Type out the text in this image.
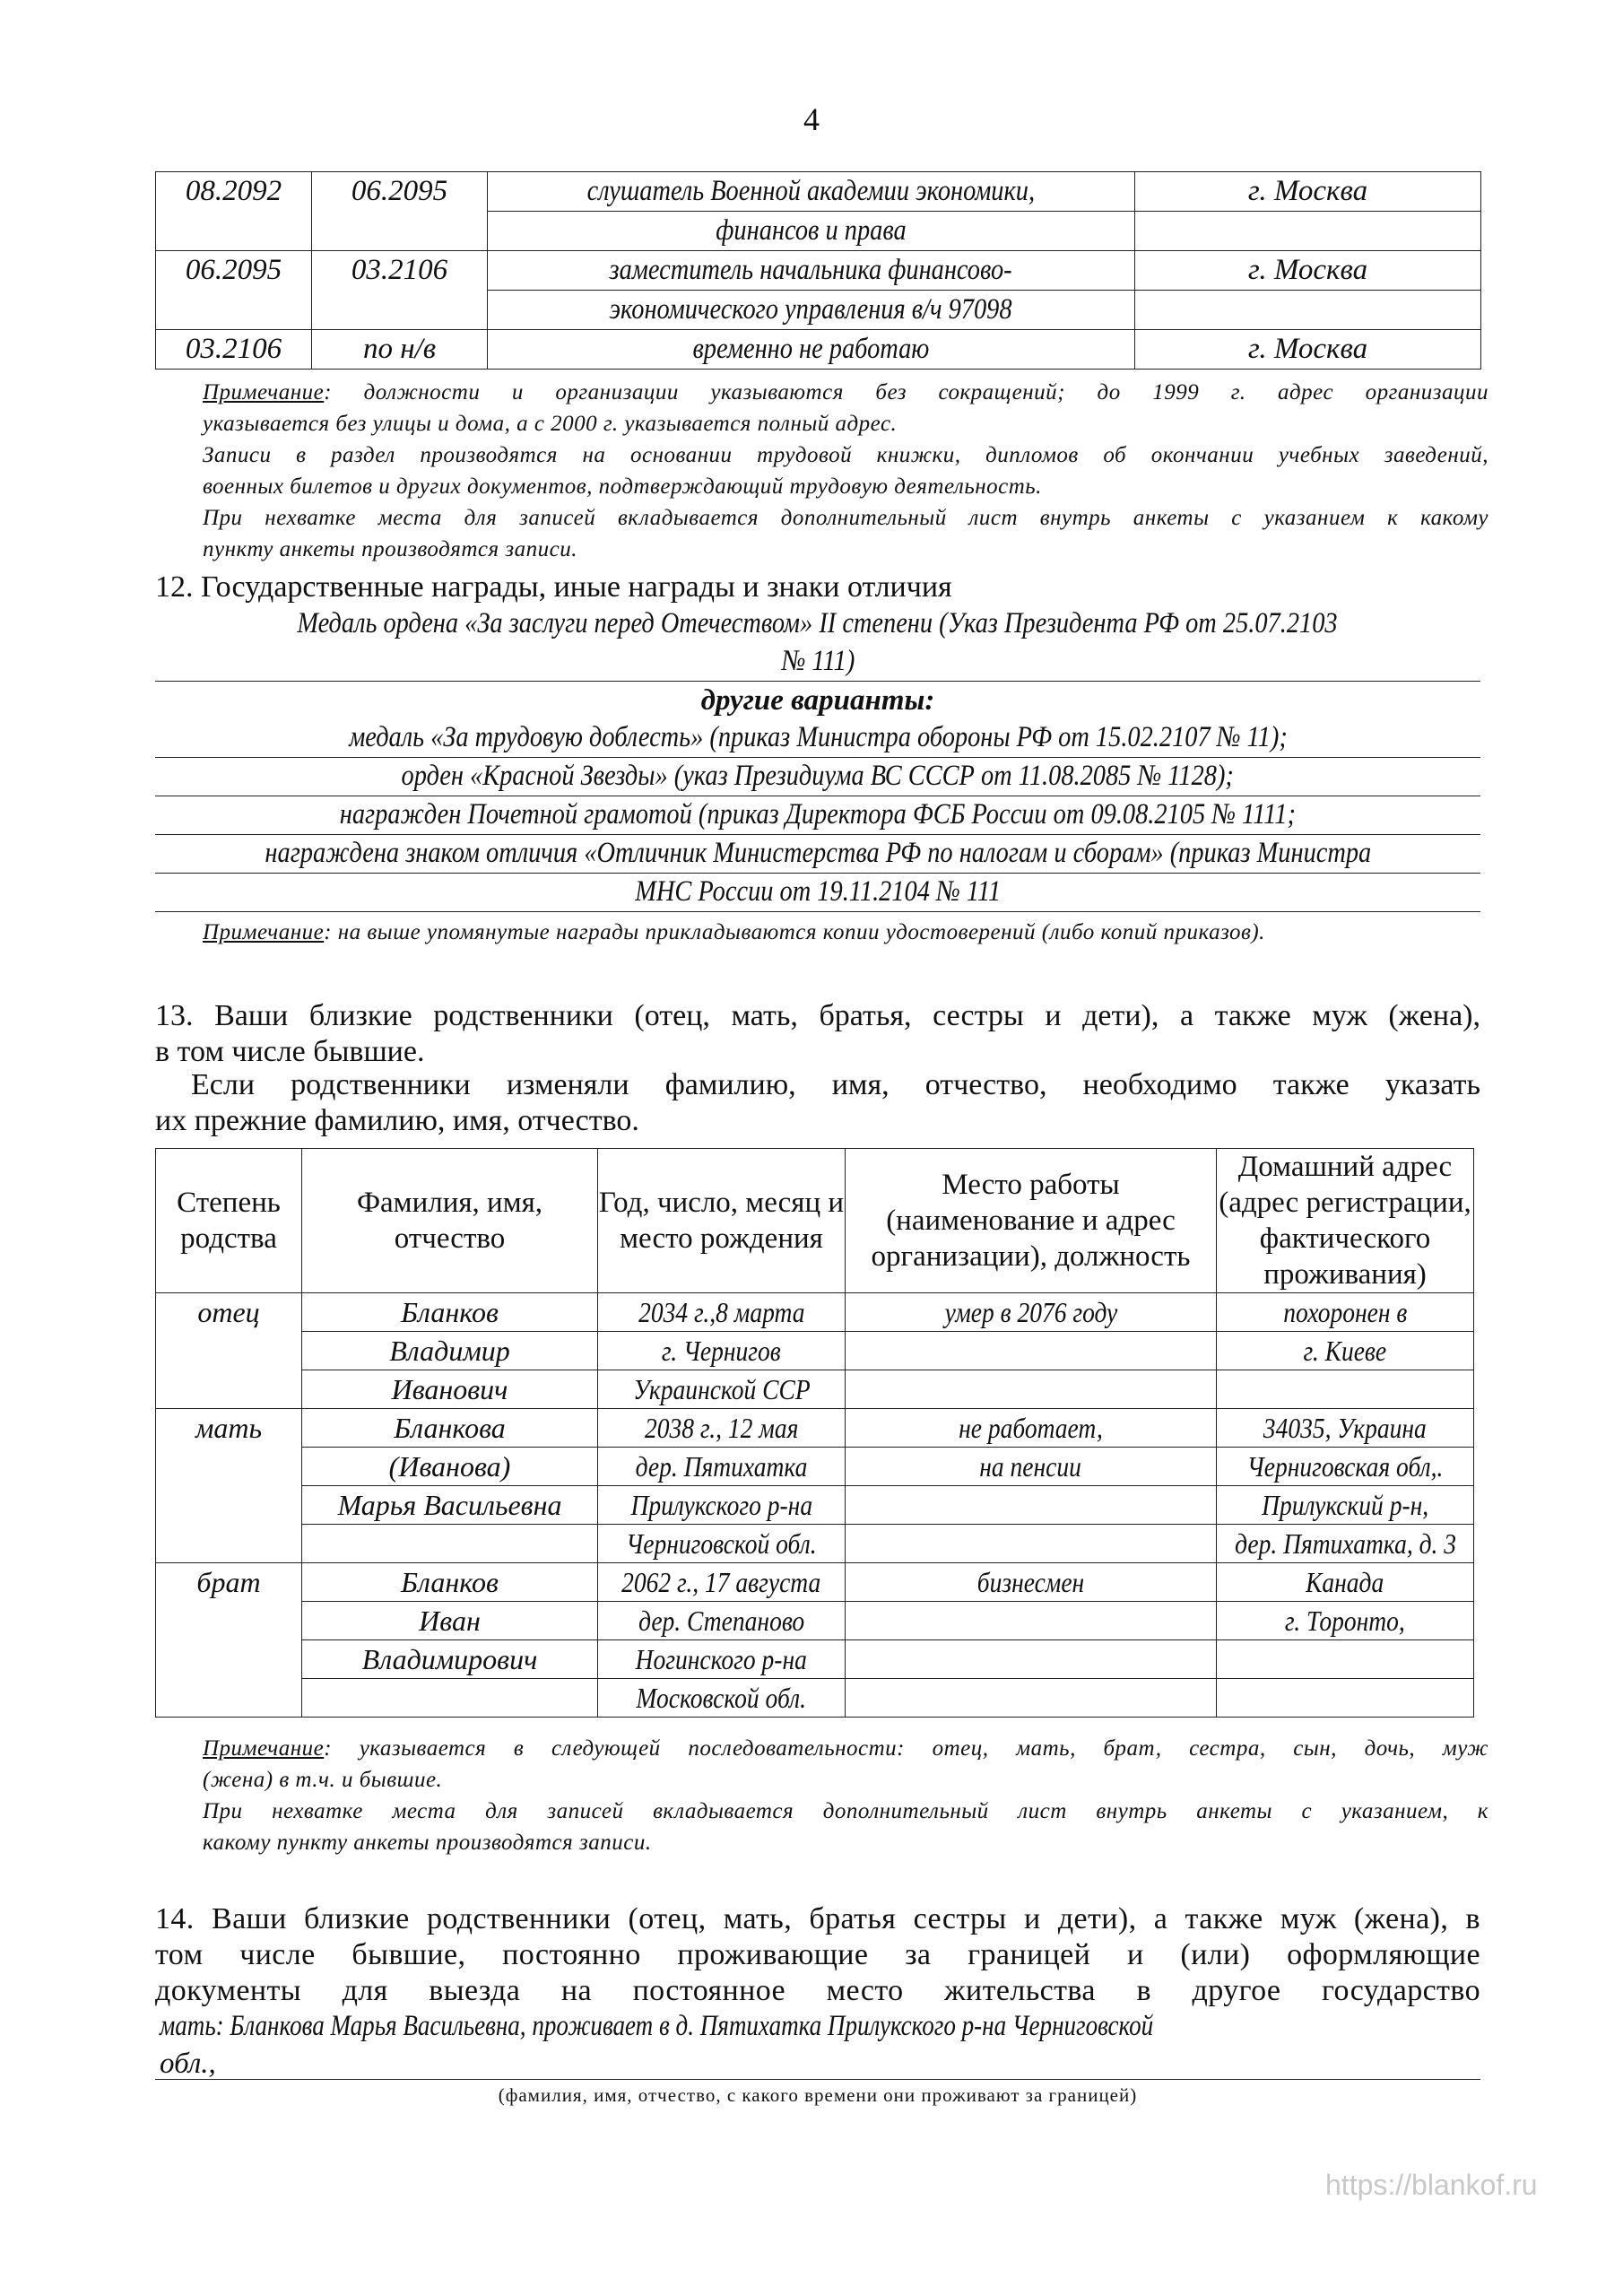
4
08.2092	06.2095	слушатель Военной академии экономики,	г. Москва
		финансов и права	
06.2095	03.2106	заместитель начальника финансово-	г. Москва
		экономического управления в/ч 97098	
03.2106	по н/в	временно не работаю	г. Москва
Примечание: должности и организации указываются без сокращений; до 1999 г. адрес организации
указывается без улицы и дома, а с 2000 г. указывается полный адрес.
Записи в раздел производятся на основании трудовой книжки, дипломов об окончании учебных заведений,
военных билетов и других документов, подтверждающий трудовую деятельность.
При нехватке места для записей вкладывается дополнительный лист внутрь анкеты с указанием к какому
пункту анкеты производятся записи.
12. Государственные награды, иные награды и знаки отличия
Медаль ордена «За заслуги перед Отечеством» II степени (Указ Президента РФ от 25.07.2103
№ 111)
другие варианты:
медаль «За трудовую доблесть» (приказ Министра обороны РФ от 15.02.2107 № 11);
орден «Красной Звезды» (указ Президиума ВС СССР от 11.08.2085 № 1128);
награжден Почетной грамотой (приказ Директора ФСБ России от 09.08.2105 № 1111;
награждена знаком отличия «Отличник Министерства РФ по налогам и сборам» (приказ Министра
МНС России от 19.11.2104 № 111
Примечание: на выше упомянутые награды прикладываются копии удостоверений (либо копий приказов).
13. Ваши близкие родственники (отец, мать, братья, сестры и дети), а также муж (жена),
в том числе бывшие.
Если родственники изменяли фамилию, имя, отчество, необходимо также указать
их прежние фамилию, имя, отчество.
Степень родства	Фамилия, имя, отчество	Год, число, месяц и место рождения	Место работы (наименование и адрес организации), должность	Домашний адрес (адрес регистрации, фактического проживания)
отец	Бланков	2034 г.,8 марта	умер в 2076 году	похоронен в
	Владимир	г. Чернигов		г. Киеве
	Иванович	Украинской ССР		
мать	Бланкова	2038 г., 12 мая	не работает,	34035, Украина
	(Иванова)	дер. Пятихатка	на пенсии	Черниговская обл,.
	Марья Васильевна	Прилукского р-на		Прилукский р-н,
		Черниговской обл.		дер. Пятихатка, д. 3
брат	Бланков	2062 г., 17 августа	бизнесмен	Канада
	Иван	дер. Степаново		г. Торонто,
	Владимирович	Ногинского р-на		
		Московской обл.		
Примечание: указывается в следующей последовательности: отец, мать, брат, сестра, сын, дочь, муж
(жена) в т.ч. и бывшие.
При нехватке места для записей вкладывается дополнительный лист внутрь анкеты с указанием, к
какому пункту анкеты производятся записи.
14. Ваши близкие родственники (отец, мать, братья сестры и дети), а также муж (жена), в
том числе бывшие, постоянно проживающие за границей и (или) оформляющие
документы для выезда на постоянное место жительства в другое государство
мать: Бланкова Марья Васильевна, проживает в д. Пятихатка Прилукского р-на Черниговской
обл.,
(фамилия, имя, отчество, с какого времени они проживают за границей)
https://blankof.ru
